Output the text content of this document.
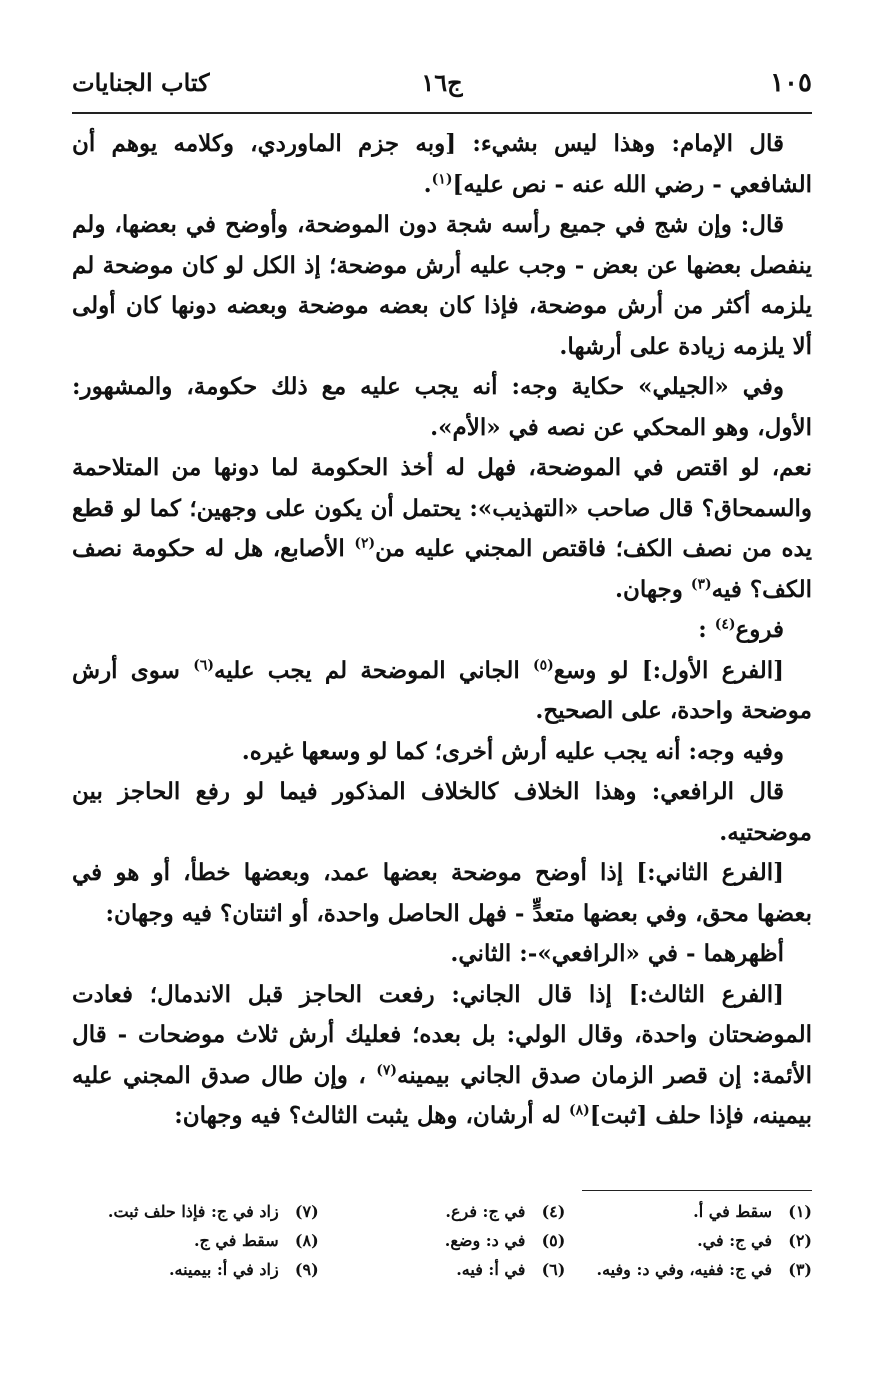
١٠٥
ج١٦
كتاب الجنايات

قال الإمام: وهذا ليس بشيء: [وبه جزم الماوردي، وكلامه يوهم أن الشافعي - رضي الله عنه - نص عليه]$^{(١)}$.

قال: وإن شج في جميع رأسه شجة دون الموضحة، وأوضح في بعضها، ولم ينفصل بعضها عن بعض - وجب عليه أرش موضحة؛ إذ الكل لو كان موضحة لم يلزمه أكثر من أرش موضحة، فإذا كان بعضه موضحة وبعضه دونها كان أولى ألا يلزمه زيادة على أرشها.

وفي «الجيلي» حكاية وجه: أنه يجب عليه مع ذلك حكومة، والمشهور: الأول، وهو المحكي عن نصه في «الأم».

نعم، لو اقتص في الموضحة، فهل له أخذ الحكومة لما دونها من المتلاحمة والسمحاق؟ قال صاحب «التهذيب»: يحتمل أن يكون على وجهين؛ كما لو قطع يده من نصف الكف؛ فاقتص المجني عليه من$^{(٢)}$ الأصابع، هل له حكومة نصف الكف؟ فيه$^{(٣)}$ وجهان.

فروع$^{(٤)}$ :

[الفرع الأول:] لو وسع$^{(٥)}$ الجاني الموضحة لم يجب عليه$^{(٦)}$ سوى أرش موضحة واحدة، على الصحيح.

وفيه وجه: أنه يجب عليه أرش أخرى؛ كما لو وسعها غيره.

قال الرافعي: وهذا الخلاف كالخلاف المذكور فيما لو رفع الحاجز بين موضحتيه.

[الفرع الثاني:] إذا أوضح موضحة بعضها عمد، وبعضها خطأ، أو هو في بعضها محق، وفي بعضها متعدٍّ - فهل الحاصل واحدة، أو اثنتان؟ فيه وجهان:

أظهرهما - في «الرافعي»-: الثاني.

[الفرع الثالث:] إذا قال الجاني: رفعت الحاجز قبل الاندمال؛ فعادت الموضحتان واحدة، وقال الولي: بل بعده؛ فعليك أرش ثلاث موضحات - قال الأئمة: إن قصر الزمان صدق الجاني بيمينه$^{(٧)}$ ، وإن طال صدق المجني عليه بيمينه، فإذا حلف [ثبت]$^{(٨)}$ له أرشان، وهل يثبت الثالث؟ فيه وجهان:

(١)سقط في أ.
(٢)في ج: في.
(٣)في ج: ففيه، وفي د: وفيه.
(٤)في ج: فرع.
(٥)في د: وضع.
(٦)في أ: فيه.
(٧)زاد في ج: فإذا حلف ثبت.
(٨)سقط في ج.
(٩)زاد في أ: بيمينه.
